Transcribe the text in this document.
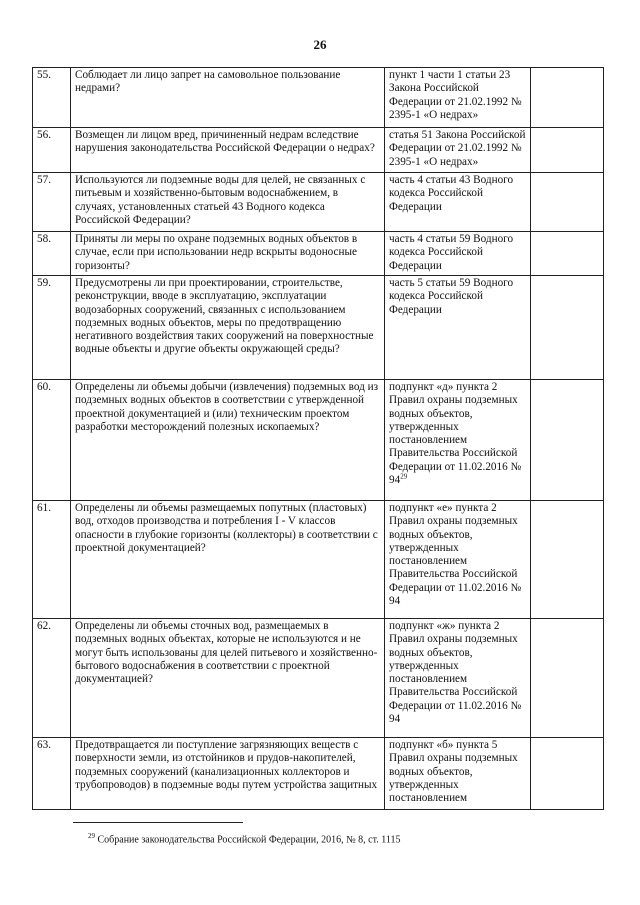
26
55.	Соблюдает ли лицо запрет на самовольное пользование недрами?	пункт 1 части 1 статьи 23 Закона Российской Федерации от 21.02.1992 № 2395-1 «О недрах»	
56.	Возмещен ли лицом вред, причиненный недрам вследствие нарушения законодательства Российской Федерации о недрах?	статья 51 Закона Российской Федерации от 21.02.1992 № 2395-1 «О недрах»	
57.	Используются ли подземные воды для целей, не связанных с питьевым и хозяйственно-бытовым водоснабжением, в случаях, установленных статьей 43 Водного кодекса Российской Федерации?	часть 4 статьи 43 Водного кодекса Российской Федерации	
58.	Приняты ли меры по охране подземных водных объектов в случае, если при использовании недр вскрыты водоносные горизонты?	часть 4 статьи 59 Водного кодекса Российской Федерации	
59.	Предусмотрены ли при проектировании, строительстве, реконструкции, вводе в эксплуатацию, эксплуатации водозаборных сооружений, связанных с использованием подземных водных объектов, меры по предотвращению негативного воздействия таких сооружений на поверхностные водные объекты и другие объекты окружающей среды?	часть 5 статьи 59 Водного кодекса Российской Федерации	
60.	Определены ли объемы добычи (извлечения) подземных вод из подземных водных объектов в соответствии с утвержденной проектной документацией и (или) техническим проектом разработки месторождений полезных ископаемых?	подпункт «д» пункта 2 Правил охраны подземных водных объектов, утвержденных постановлением Правительства Российской Федерации от 11.02.2016 № 94$^{29}$	
61.	Определены ли объемы размещаемых попутных (пластовых) вод, отходов производства и потребления I - V классов опасности в глубокие горизонты (коллекторы) в соответствии с проектной документацией?	подпункт «е» пункта 2 Правил охраны подземных водных объектов, утвержденных постановлением Правительства Российской Федерации от 11.02.2016 № 94	
62.	Определены ли объемы сточных вод, размещаемых в подземных водных объектах, которые не используются и не могут быть использованы для целей питьевого и хозяйственно-бытового водоснабжения в соответствии с проектной документацией?	подпункт «ж» пункта 2 Правил охраны подземных водных объектов, утвержденных постановлением Правительства Российской Федерации от 11.02.2016 № 94	
63.	Предотвращается ли поступление загрязняющих веществ с поверхности земли, из отстойников и прудов-накопителей, подземных сооружений (канализационных коллекторов и трубопроводов) в подземные воды путем устройства защитных	подпункт «б» пункта 5 Правил охраны подземных водных объектов, утвержденных постановлением	
$^{29}$ Собрание законодательства Российской Федерации, 2016, № 8, ст. 1115
